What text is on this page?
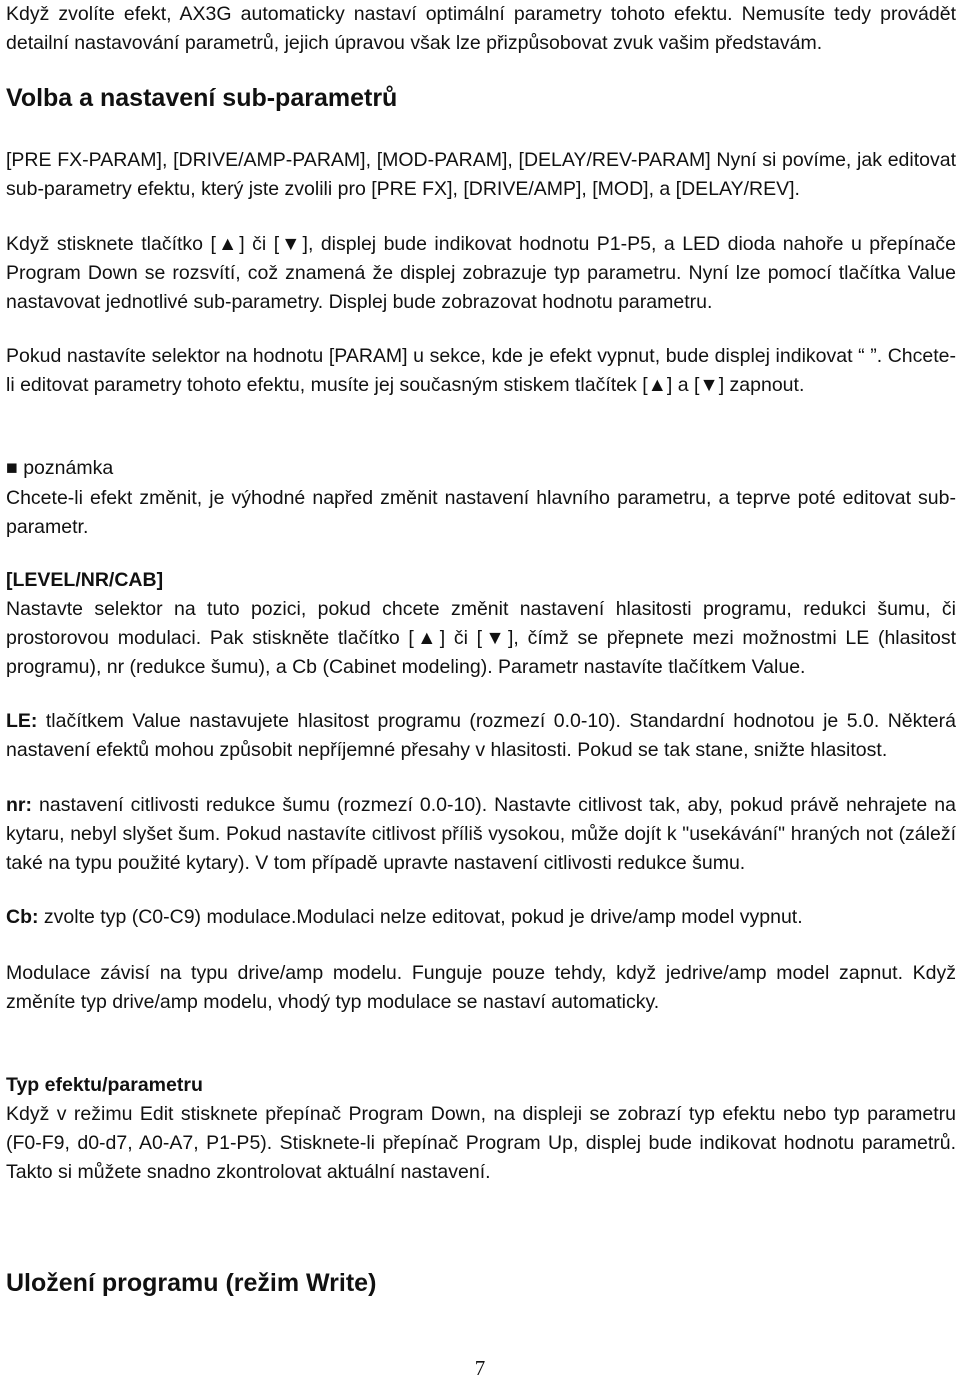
Když zvolíte efekt, AX3G automaticky nastaví optimální parametry tohoto efektu. Nemusíte tedy provádět detailní nastavování parametrů, jejich úpravou však lze přizpůsobovat zvuk vašim představám.

Volba a nastavení sub-parametrů

[PRE FX-PARAM], [DRIVE/AMP-PARAM], [MOD-PARAM], [DELAY/REV-PARAM] Nyní si povíme, jak editovat sub-parametry efektu, který jste zvolili pro [PRE FX], [DRIVE/AMP], [MOD], a [DELAY/REV].

Když stisknete tlačítko [▲] či [▼], displej bude indikovat hodnotu P1-P5, a LED dioda nahoře u přepínače Program Down se rozsvítí, což znamená že displej zobrazuje typ parametru. Nyní lze pomocí tlačítka Value nastavovat jednotlivé sub-parametry. Displej bude zobrazovat hodnotu parametru.

Pokud nastavíte selektor na hodnotu [PARAM] u sekce, kde je efekt vypnut, bude displej indikovat “ ”. Chcete-li editovat parametry tohoto efektu, musíte jej současným stiskem tlačítek [▲] a [▼] zapnout.

■ poznámka

Chcete-li efekt změnit, je výhodné napřed změnit nastavení hlavního parametru, a teprve poté editovat sub-parametr.

[LEVEL/NR/CAB]

Nastavte selektor na tuto pozici, pokud chcete změnit nastavení hlasitosti programu, redukci šumu, či prostorovou modulaci. Pak stiskněte tlačítko [▲] či [▼], čímž se přepnete mezi možnostmi LE (hlasitost programu), nr (redukce šumu), a Cb (Cabinet modeling). Parametr nastavíte tlačítkem Value.

LE: tlačítkem Value nastavujete hlasitost programu (rozmezí 0.0-10). Standardní hodnotou je 5.0. Některá nastavení efektů mohou způsobit nepříjemné přesahy v hlasitosti. Pokud se tak stane, snižte hlasitost.

nr: nastavení citlivosti redukce šumu (rozmezí 0.0-10). Nastavte citlivost tak, aby, pokud právě nehrajete na kytaru, nebyl slyšet šum. Pokud nastavíte citlivost příliš vysokou, může dojít k "usekávání" hraných not (záleží také na typu použité kytary). V tom případě upravte nastavení citlivosti redukce šumu.

Cb: zvolte typ (C0-C9) modulace.Modulaci nelze editovat, pokud je drive/amp model vypnut.

Modulace závisí na typu drive/amp modelu. Funguje pouze tehdy, když jedrive/amp model zapnut. Když změníte typ drive/amp modelu, vhodý typ modulace se nastaví automaticky.

Typ efektu/parametru

Když v režimu Edit stisknete přepínač Program Down, na displeji se zobrazí typ efektu nebo typ parametru (F0-F9, d0-d7, A0-A7, P1-P5). Stisknete-li přepínač Program Up, displej bude indikovat hodnotu parametrů. Takto si můžete snadno zkontrolovat aktuální nastavení.

Uložení programu (režim Write)
7
